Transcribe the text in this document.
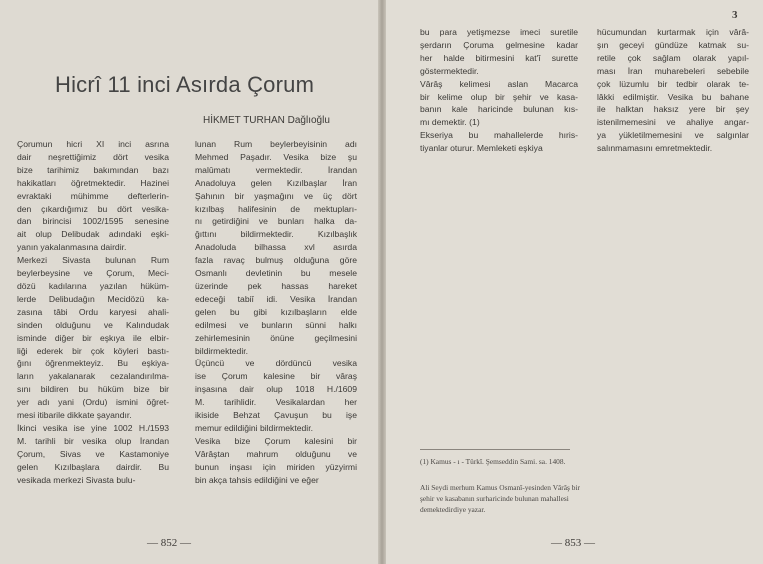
Hicrî 11 inci Asırda Çorum
HİKMET TURHAN Dağlıoğlu
Çorumun hicri XI inci asrına
dair neşrettiğimiz dört vesika
bize tarihimiz bakımından bazı
hakikatları öğretmektedir. Hazinei
evraktaki mühimme defterlerin-
den çıkardığımız bu dört vesika-
dan birincisi 1002/1595 senesine
ait olup Delibudak adındaki eşki-
yanın yakalanmasına dairdir.
Merkezi Sivasta bulunan Rum
beylerbeysine ve Çorum, Meci-
dözü kadılarına yazılan hüküm-
lerde Delibudağın Mecidözü ka-
zasına tâbi Ordu karyesi ahali-
sinden olduğunu ve Kalındudak
isminde diğer bir eşkıya ile elbir-
liği ederek bir çok köyleri bastı-
ğını öğrenmekteyiz. Bu eşkiya-
ların yakalanarak cezalandırılma-
sını bildiren bu hüküm bize bir
yer adı yani (Ordu) ismini öğret-
mesi itibarile dikkate şayandır.
İkinci vesika ise yine 1002 H./1593
M. tarihli bir vesika olup İrandan
Çorum, Sivas ve Kastamoniye
gelen Kızılbaşlara dairdir. Bu
vesikada merkezi Sivasta bulu-
lunan Rum beylerbeyisinin adı
Mehmed Paşadır. Vesika bize şu
malûmatı vermektedir. İrandan
Anadoluya gelen Kızılbaşlar İran
Şahının bir yaşmağını ve üç dört
kızılbaş halifesinin de mektupları-
nı getirdiğini ve bunları halka da-
ğıttını bildirmektedir. Kızılbaşlık
Anadoluda bilhassa xvl asırda
fazla ravaç bulmuş olduğuna göre
Osmanlı devletinin bu mesele
üzerinde pek hassas hareket
edeceği tabiî idi. Vesika İrandan
gelen bu gibi kızılbaşların elde
edilmesi ve bunların sünni halkı
zehirlemesinin önüne geçilmesini
bildirmektedir.
Üçüncü ve dördüncü vesika
ise Çorum kalesine bir vâraş
inşasına dair olup 1018 H./1609
M. tarihlidir. Vesikalardan her
ikiside Behzat Çavuşun bu işe
memur edildiğini bildirmektedir.
Vesika bize Çorum kalesini bir
Vârâştan mahrum olduğunu ve
bunun inşası için miriden yüzyirmi
bin akça tahsis edildiğini ve eğer
bu para yetişmezse imeci suretile
şerdarın Çoruma gelmesine kadar
her halde bitirmesini kat'î surette
göstermektedir.
Vârâş kelimesi aslan Macarca
bir kelime olup bir şehir ve kasa-
banın kale haricinde bulunan kıs-
mı demektir. (1)
Ekseriya bu mahallelerde hıris-
tiyanlar oturur. Memleketi eşkiya
hücumundan kurtarmak için vârâ-
şın geceyi gündüze katmak su-
retile çok sağlam olarak yapıl-
ması İran muharebeleri sebebile
çok lüzumlu bir tedbir olarak te-
lâkki edilmiştir. Vesika bu bahane
ile halktan haksız yere bir şey
istenilmemesini ve ahaliye angar-
ya yükletilmemesini ve salgınlar
salınmamasını emretmektedir.
(1) Kamus - ı - Türkî. Şemseddin Sami. sa. 1408.
Ali Seydi merhum Kamus Osmanî-yesinden Vârâş bir şehir ve kasabanın surharicinde bulunan mahallesi demektedirdiye yazar.
— 852 —	— 853 —
3
